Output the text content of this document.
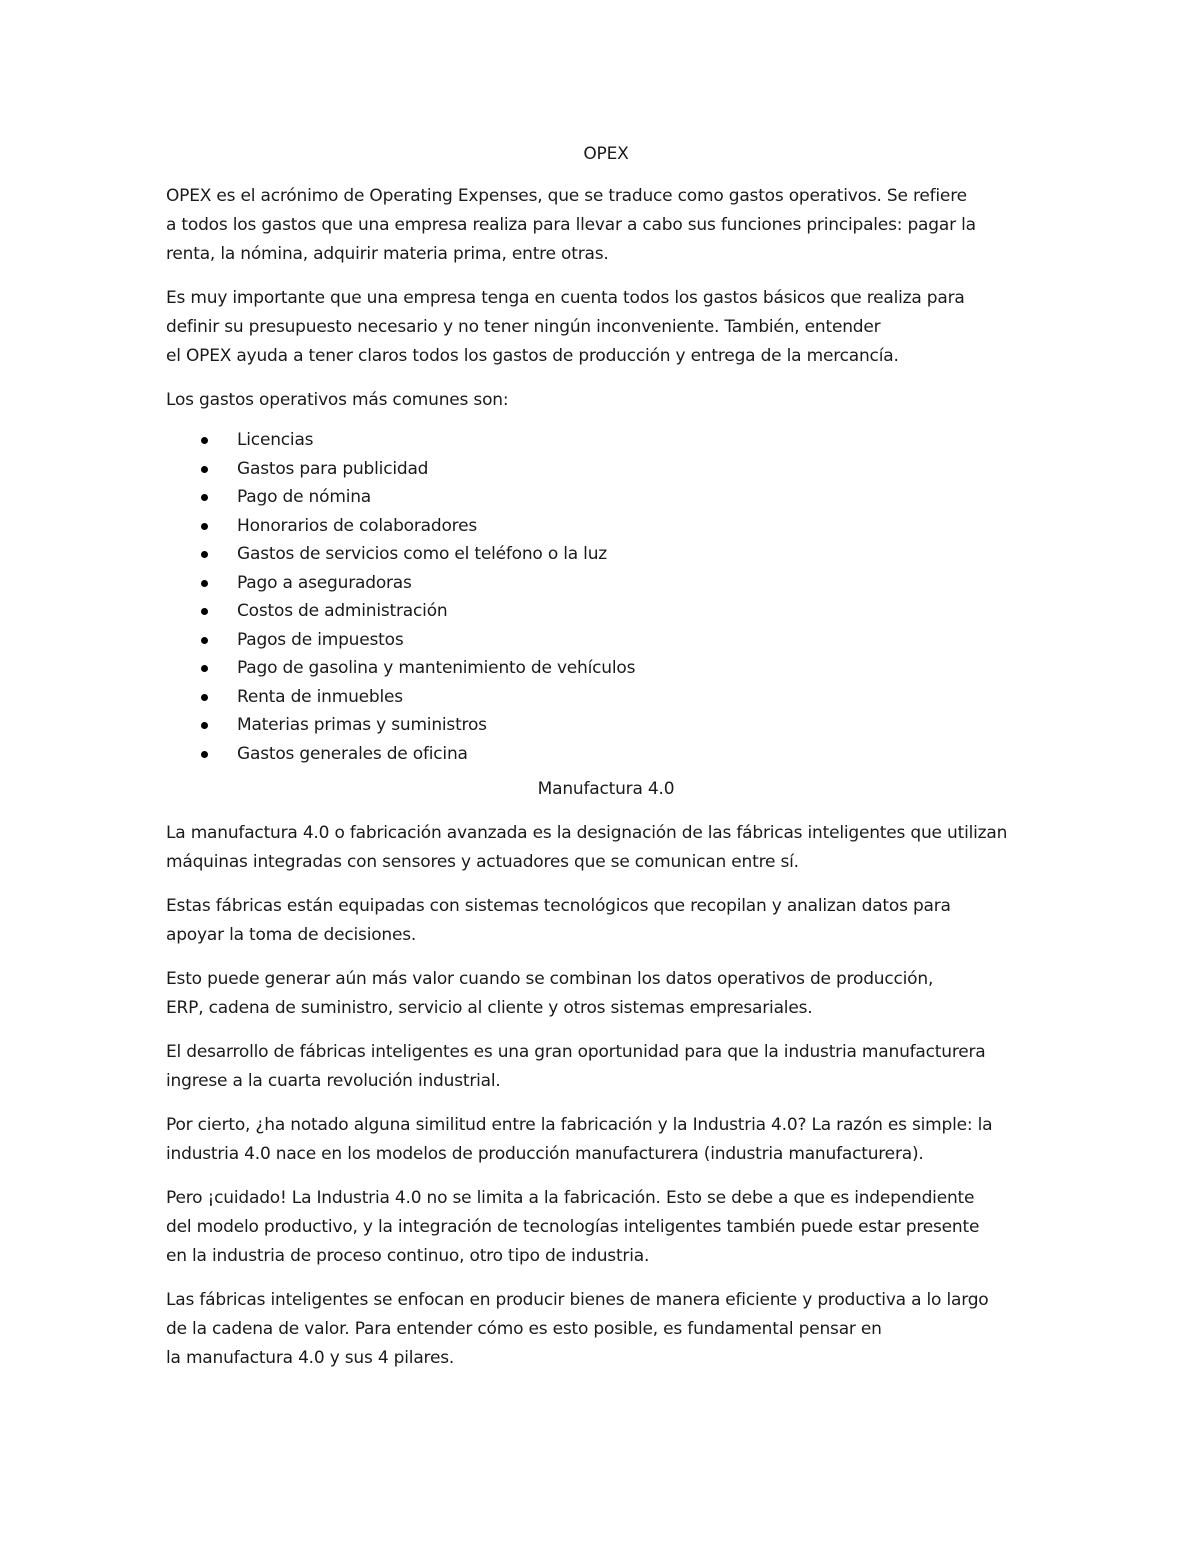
OPEX

OPEX es el acrónimo de Operating Expenses, que se traduce como gastos operativos. Se refiere
a todos los gastos que una empresa realiza para llevar a cabo sus funciones principales: pagar la
renta, la nómina, adquirir materia prima, entre otras.

Es muy importante que una empresa tenga en cuenta todos los gastos básicos que realiza para
definir su presupuesto necesario y no tener ningún inconveniente. También, entender
el OPEX ayuda a tener claros todos los gastos de producción y entrega de la mercancía.

Los gastos operativos más comunes son:

Licencias
Gastos para publicidad
Pago de nómina
Honorarios de colaboradores
Gastos de servicios como el teléfono o la luz
Pago a aseguradoras
Costos de administración
Pagos de impuestos
Pago de gasolina y mantenimiento de vehículos
Renta de inmuebles
Materias primas y suministros
Gastos generales de oficina
Manufactura 4.0

La manufactura 4.0 o fabricación avanzada es la designación de las fábricas inteligentes que utilizan
máquinas integradas con sensores y actuadores que se comunican entre sí.

Estas fábricas están equipadas con sistemas tecnológicos que recopilan y analizan datos para
apoyar la toma de decisiones.

Esto puede generar aún más valor cuando se combinan los datos operativos de producción,
ERP, cadena de suministro, servicio al cliente y otros sistemas empresariales.

El desarrollo de fábricas inteligentes es una gran oportunidad para que la industria manufacturera
ingrese a la cuarta revolución industrial.

Por cierto, ¿ha notado alguna similitud entre la fabricación y la Industria 4.0? La razón es simple: la
industria 4.0 nace en los modelos de producción manufacturera (industria manufacturera).

Pero ¡cuidado! La Industria 4.0 no se limita a la fabricación. Esto se debe a que es independiente
del modelo productivo, y la integración de tecnologías inteligentes también puede estar presente
en la industria de proceso continuo, otro tipo de industria.

Las fábricas inteligentes se enfocan en producir bienes de manera eficiente y productiva a lo largo
de la cadena de valor. Para entender cómo es esto posible, es fundamental pensar en
la manufactura 4.0 y sus 4 pilares.
